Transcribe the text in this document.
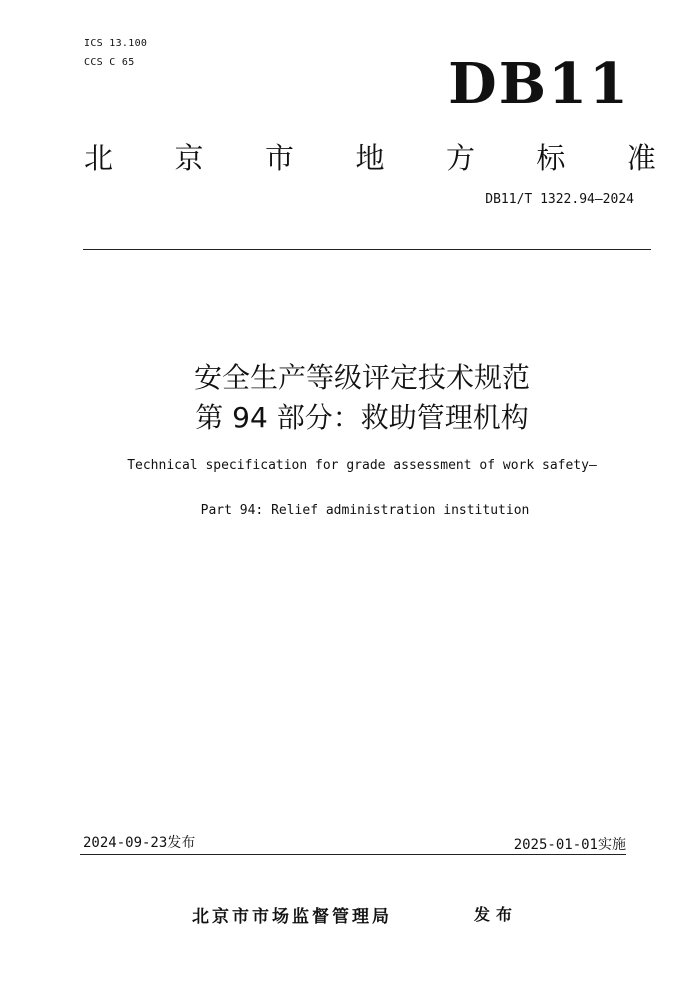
ICS 13.100
CCS C 65	DB11
北 京 市 地 方 标 准
DB11/T 1322.94—2024
安全生产等级评定技术规范
第 94 部分：救助管理机构
Technical specification for grade assessment of work safety—
Part 94: Relief administration institution
2024-09-23发布	2025-01-01实施
北京市市场监督管理局	发布
